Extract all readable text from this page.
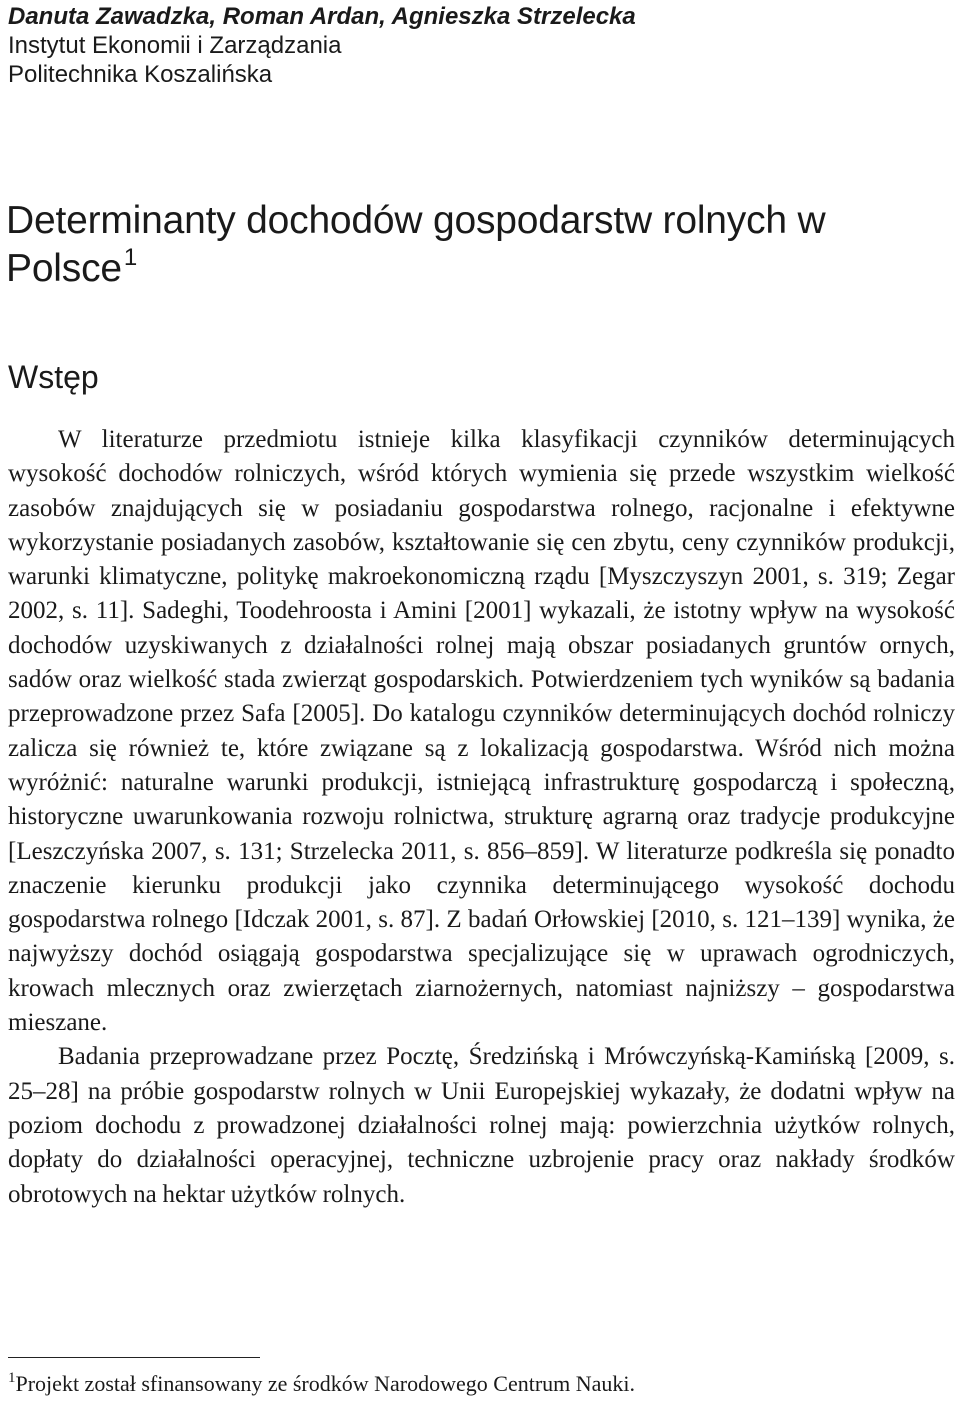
Danuta Zawadzka, Roman Ardan, Agnieszka Strzelecka
Instytut Ekonomii i Zarządzania
Politechnika Koszalińska
Determinanty dochodów gospodarstw rolnych w Polsce$^1$
Wstęp

W literaturze przedmiotu istnieje kilka klasyfikacji czynników determinujących wysokość dochodów rolniczych, wśród których wymienia się przede wszystkim wielkość zasobów znajdujących się w posiadaniu gospodarstwa rolnego, racjonalne i efektywne wykorzystanie posiadanych zasobów, kształtowanie się cen zbytu, ceny czynników produkcji, warunki klimatyczne, politykę makroekonomiczną rządu [Myszczyszyn 2001, s. 319; Zegar 2002, s. 11]. Sadeghi, Toodehroosta i Amini [2001] wykazali, że istotny wpływ na wysokość dochodów uzyskiwanych z działalności rolnej mają obszar posiadanych gruntów ornych, sadów oraz wielkość stada zwierząt gospodarskich. Potwierdzeniem tych wyników są badania przeprowadzone przez Safa [2005]. Do katalogu czynników determinujących dochód rolniczy zalicza się również te, które związane są z lokalizacją gospodarstwa. Wśród nich można wyróżnić: naturalne warunki produkcji, istniejącą infrastrukturę gospodarczą i społeczną, historyczne uwarunkowania rozwoju rolnictwa, strukturę agrarną oraz tradycje produkcyjne [Leszczyńska 2007, s. 131; Strzelecka 2011, s. 856–859]. W literaturze podkreśla się ponadto znaczenie kierunku produkcji jako czynnika determinującego wysokość dochodu gospodarstwa rolnego [Idczak 2001, s. 87]. Z badań Orłowskiej [2010, s. 121–139] wynika, że najwyższy dochód osiągają gospodarstwa specjalizujące się w uprawach ogrodniczych, krowach mlecznych oraz zwierzętach ziarnożernych, natomiast najniższy – gospodarstwa mieszane.

Badania przeprowadzane przez Pocztę, Średzińską i Mrówczyńską-Kamińską [2009, s. 25–28] na próbie gospodarstw rolnych w Unii Europejskiej wykazały, że dodatni wpływ na poziom dochodu z prowadzonej działalności rolnej mają: powierzchnia użytków rolnych, dopłaty do działalności operacyjnej, techniczne uzbrojenie pracy oraz nakłady środków obrotowych na hektar użytków rolnych.

$^1$Projekt został sfinansowany ze środków Narodowego Centrum Nauki.
